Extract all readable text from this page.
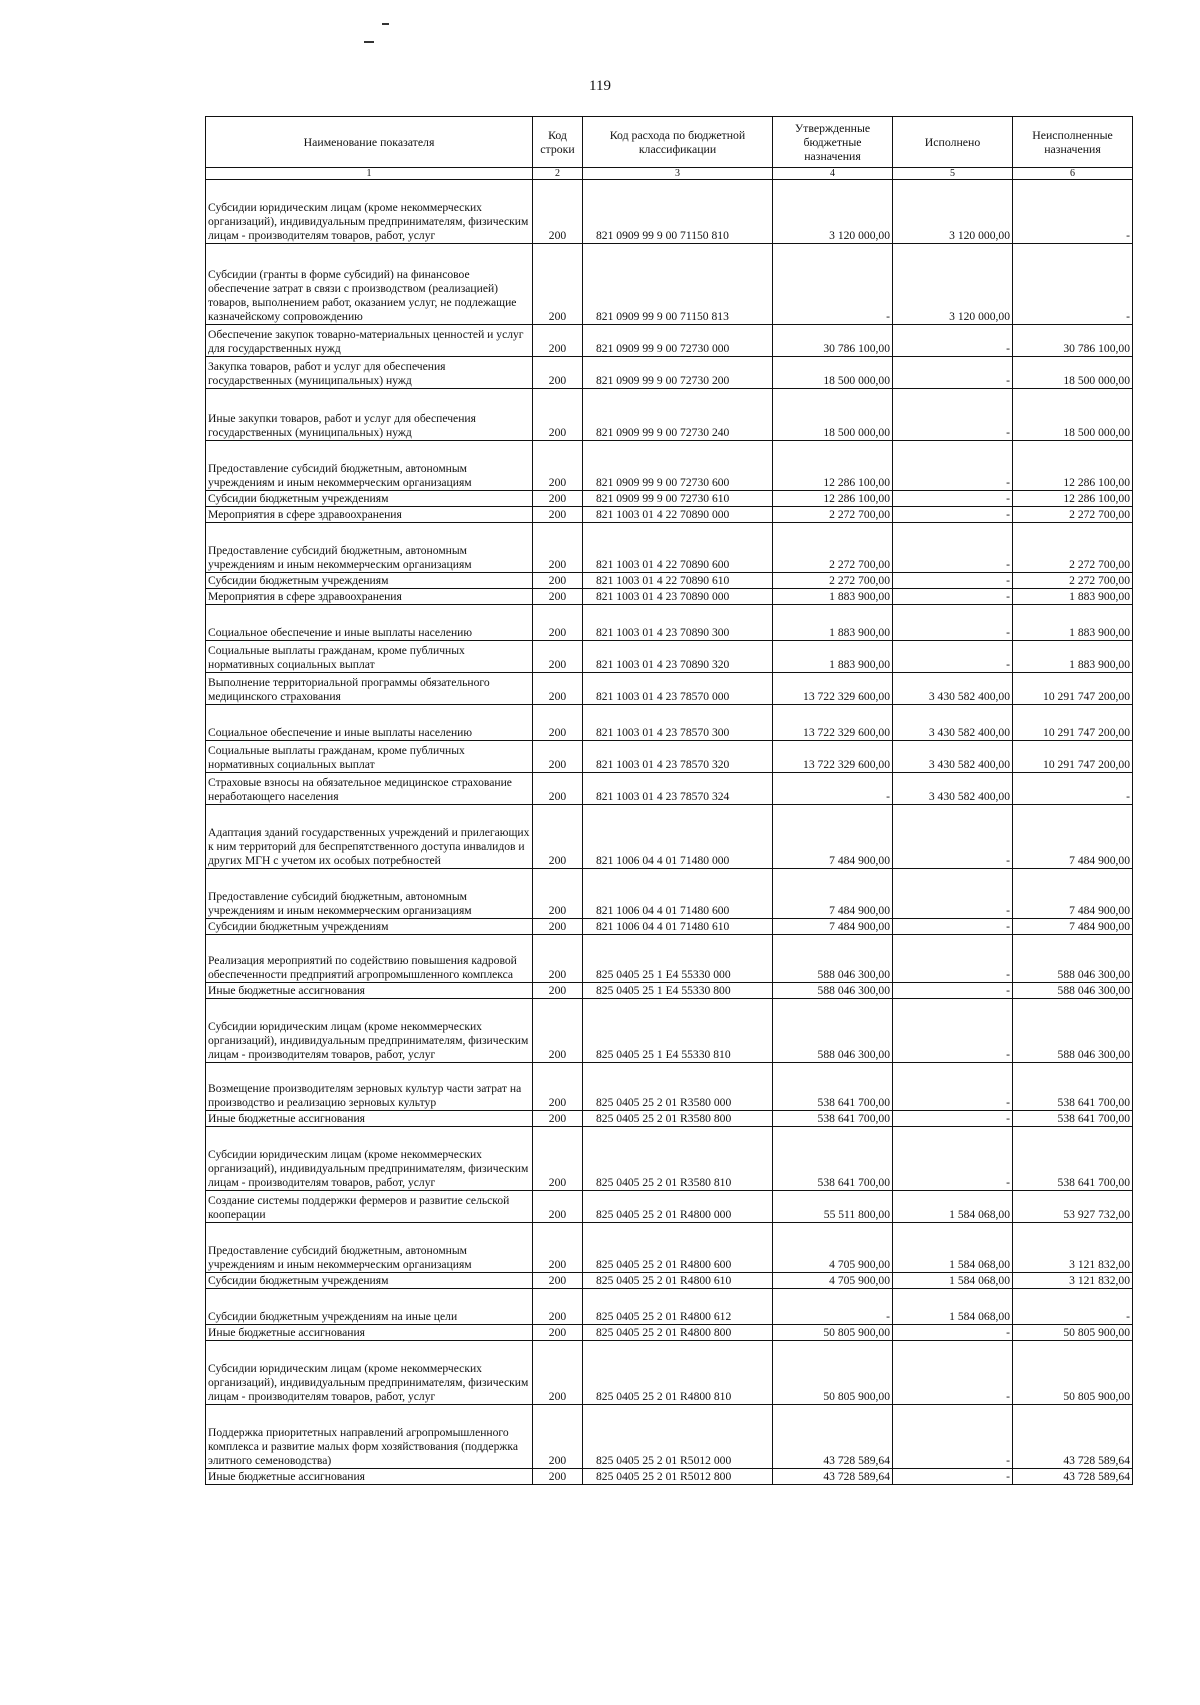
119
Наименование показателя	Код строки	Код расхода по бюджетной классификации	Утвержденные бюджетные назначения	Исполнено	Неисполненные назначения
1	2	3	4	5	6
Субсидии юридическим лицам (кроме некоммерческих организаций), индивидуальным предпринимателям, физическим лицам - производителям товаров, работ, услуг	200	821 0909 99 9 00 71150 810	3 120 000,00	3 120 000,00	-
Субсидии (гранты в форме субсидий) на финансовое обеспечение затрат в связи с производством (реализацией) товаров, выполнением работ, оказанием услуг, не подлежащие казначейскому сопровождению	200	821 0909 99 9 00 71150 813	-	3 120 000,00	-
Обеспечение закупок товарно-материальных ценностей и услуг для государственных нужд	200	821 0909 99 9 00 72730 000	30 786 100,00	-	30 786 100,00
Закупка товаров, работ и услуг для обеспечения государственных (муниципальных) нужд	200	821 0909 99 9 00 72730 200	18 500 000,00	-	18 500 000,00
Иные закупки товаров, работ и услуг для обеспечения государственных (муниципальных) нужд	200	821 0909 99 9 00 72730 240	18 500 000,00	-	18 500 000,00
Предоставление субсидий бюджетным, автономным учреждениям и иным некоммерческим организациям	200	821 0909 99 9 00 72730 600	12 286 100,00	-	12 286 100,00
Субсидии бюджетным учреждениям	200	821 0909 99 9 00 72730 610	12 286 100,00	-	12 286 100,00
Мероприятия в сфере здравоохранения	200	821 1003 01 4 22 70890 000	2 272 700,00	-	2 272 700,00
Предоставление субсидий бюджетным, автономным учреждениям и иным некоммерческим организациям	200	821 1003 01 4 22 70890 600	2 272 700,00	-	2 272 700,00
Субсидии бюджетным учреждениям	200	821 1003 01 4 22 70890 610	2 272 700,00	-	2 272 700,00
Мероприятия в сфере здравоохранения	200	821 1003 01 4 23 70890 000	1 883 900,00	-	1 883 900,00
Социальное обеспечение и иные выплаты населению	200	821 1003 01 4 23 70890 300	1 883 900,00	-	1 883 900,00
Социальные выплаты гражданам, кроме публичных нормативных социальных выплат	200	821 1003 01 4 23 70890 320	1 883 900,00	-	1 883 900,00
Выполнение территориальной программы обязательного медицинского страхования	200	821 1003 01 4 23 78570 000	13 722 329 600,00	3 430 582 400,00	10 291 747 200,00
Социальное обеспечение и иные выплаты населению	200	821 1003 01 4 23 78570 300	13 722 329 600,00	3 430 582 400,00	10 291 747 200,00
Социальные выплаты гражданам, кроме публичных нормативных социальных выплат	200	821 1003 01 4 23 78570 320	13 722 329 600,00	3 430 582 400,00	10 291 747 200,00
Страховые взносы на обязательное медицинское страхование неработающего населения	200	821 1003 01 4 23 78570 324	-	3 430 582 400,00	-
Адаптация зданий государственных учреждений и прилегающих к ним территорий для беспрепятственного доступа инвалидов и других МГН с учетом их особых потребностей	200	821 1006 04 4 01 71480 000	7 484 900,00	-	7 484 900,00
Предоставление субсидий бюджетным, автономным учреждениям и иным некоммерческим организациям	200	821 1006 04 4 01 71480 600	7 484 900,00	-	7 484 900,00
Субсидии бюджетным учреждениям	200	821 1006 04 4 01 71480 610	7 484 900,00	-	7 484 900,00
Реализация мероприятий по содействию повышения кадровой обеспеченности предприятий агропромышленного комплекса	200	825 0405 25 1 E4 55330 000	588 046 300,00	-	588 046 300,00
Иные бюджетные ассигнования	200	825 0405 25 1 E4 55330 800	588 046 300,00	-	588 046 300,00
Субсидии юридическим лицам (кроме некоммерческих организаций), индивидуальным предпринимателям, физическим лицам - производителям товаров, работ, услуг	200	825 0405 25 1 E4 55330 810	588 046 300,00	-	588 046 300,00
Возмещение производителям зерновых культур части затрат на производство и реализацию зерновых культур	200	825 0405 25 2 01 R3580 000	538 641 700,00	-	538 641 700,00
Иные бюджетные ассигнования	200	825 0405 25 2 01 R3580 800	538 641 700,00	-	538 641 700,00
Субсидии юридическим лицам (кроме некоммерческих организаций), индивидуальным предпринимателям, физическим лицам - производителям товаров, работ, услуг	200	825 0405 25 2 01 R3580 810	538 641 700,00	-	538 641 700,00
Создание системы поддержки фермеров и развитие сельской кооперации	200	825 0405 25 2 01 R4800 000	55 511 800,00	1 584 068,00	53 927 732,00
Предоставление субсидий бюджетным, автономным учреждениям и иным некоммерческим организациям	200	825 0405 25 2 01 R4800 600	4 705 900,00	1 584 068,00	3 121 832,00
Субсидии бюджетным учреждениям	200	825 0405 25 2 01 R4800 610	4 705 900,00	1 584 068,00	3 121 832,00
Субсидии бюджетным учреждениям на иные цели	200	825 0405 25 2 01 R4800 612	-	1 584 068,00	-
Иные бюджетные ассигнования	200	825 0405 25 2 01 R4800 800	50 805 900,00	-	50 805 900,00
Субсидии юридическим лицам (кроме некоммерческих организаций), индивидуальным предпринимателям, физическим лицам - производителям товаров, работ, услуг	200	825 0405 25 2 01 R4800 810	50 805 900,00	-	50 805 900,00
Поддержка приоритетных направлений агропромышленного комплекса и развитие малых форм хозяйствования (поддержка элитного семеноводства)	200	825 0405 25 2 01 R5012 000	43 728 589,64	-	43 728 589,64
Иные бюджетные ассигнования	200	825 0405 25 2 01 R5012 800	43 728 589,64	-	43 728 589,64
